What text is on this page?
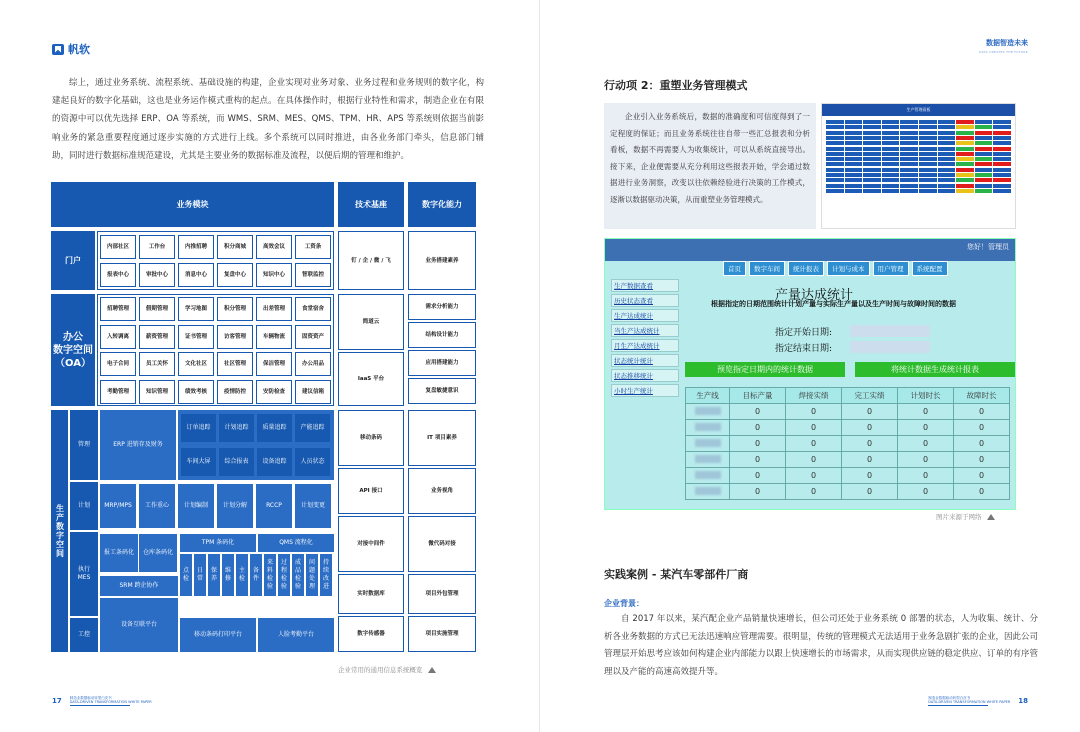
帆软

综上，通过业务系统、流程系统、基础设施的构建，企业实现对业务对象、业务过程和业务规则的数字化，构建起良好的数字化基础，这也是业务运作模式重构的起点。在具体操作时，根据行业特性和需求，制造企业在有限的资源中可以优先选择 ERP、OA 等系统，而 WMS、SRM、MES、QMS、TPM、HR、APS 等系统则依据当前影响业务的紧急重要程度通过逐步实施的方式进行上线。多个系统可以同时推进，由各业务部门牵头，信息部门辅助，同时进行数据标准规范建设，尤其是主要业务的数据标准及流程，以便后期的管理和维护。

业务模块	技术基座	数字化能力
门户
内部社区	工作台	内推招聘	积分商城	高效会议	工资条
报表中心	审批中心	消息中心	复盘中心	知识中心	智联监控
钉 / 企 / 微 / 飞	业务搭建素养
办公
数字空间
（OA）
招聘管理	假期管理	学习地图	积分管理	出差管理	食堂宿舍
入转调离	薪资管理	证书管理	访客管理	车辆物流	固资资产
电子合同	员工关怀	文化社区	社区管理	保洁管理	办公用品
考勤管理	知识管理	绩效考核	疫情防控	安防检查	建议信箱
简道云
IaaS 平台
需求分析能力
结构设计能力
应用搭建能力
复盘敏捷意识
生产数字空间
管理
计划
执行
MES
工控
ERP 进销存及财务
订单追踪	计划追踪	质量追踪	产能追踪
车间大屏	综合报表	设备追踪	人员状态
MRP/MPS	工作重心	计划编制	计划分解	RCCP	计划变更
报工条码化	仓库条码化
SRM 跨企协作
TPM 条码化	QMS 流程化
点
检
日
常
保
养
维
修
主
检
备
件
来
料
检
验
过
程
检
验
成
品
检
验
问
题
处
理
持
续
改
进
设备互联平台
移动条码打印平台	人脸考勤平台
移动条码
API 接口
对接中间件
实时数据库
数字传感器
IT 项目素养
业务视角
微代码对接
项目外包管理
项目实施管理
企业常用的通用信息系统概览
17 制造业数据驱动转型白皮书
DATA-DRIVEN TRANSFORMATION WHITE PAPER
数据智造未来
DATA CREATES THE FUTURE
行动项 2：重塑业务管理模式

企业引入业务系统后，数据的准确度和可信度得到了一定程度的保证；而且业务系统往往自带一些汇总报表和分析看板，数据不再需要人为收集统计，可以从系统直接导出。接下来，企业便需要从充分利用这些报表开始，学会通过数据进行业务洞察，改变以往依赖经验进行决策的工作模式，逐渐以数据驱动决策，从而重塑业务管理模式。

生产管理看板
您好！管理员
首页	数字车间	统计报表	计划与成本	用户管理	系统配置
生产数据查看
历史状态查看
生产达成统计
当生产达成统计
月生产达成统计
状态统计统计
状态推移统计
小时生产统计
产量达成统计
根据指定的日期范围统计计划产量与实际生产量以及生产时间与故障时间的数据
指定开始日期:
指定结束日期:
预览指定日期内的统计数据	将统计数据生成统计报表
生产线	目标产量	焊接实绩	完工实绩	计划时长	故障时长
	0	0	0	0	0
	0	0	0	0	0
	0	0	0	0	0
	0	0	0	0	0
	0	0	0	0	0
	0	0	0	0	0
图片来源于网络
实践案例 - 某汽车零部件厂商
企业背景：

自 2017 年以来，某汽配企业产品销量快速增长，但公司还处于业务系统 0 部署的状态，人为收集、统计、分析各业务数据的方式已无法迅速响应管理需要。很明显，传统的管理模式无法适用于业务急剧扩张的企业，因此公司管理层开始思考应该如何构建企业内部能力以跟上快速增长的市场需求，从而实现供应链的稳定供应、订单的有序管理以及产能的高速高效提升等。

制造业数据驱动转型白皮书
DATA-DRIVEN TRANSFORMATION WHITE PAPER 18
